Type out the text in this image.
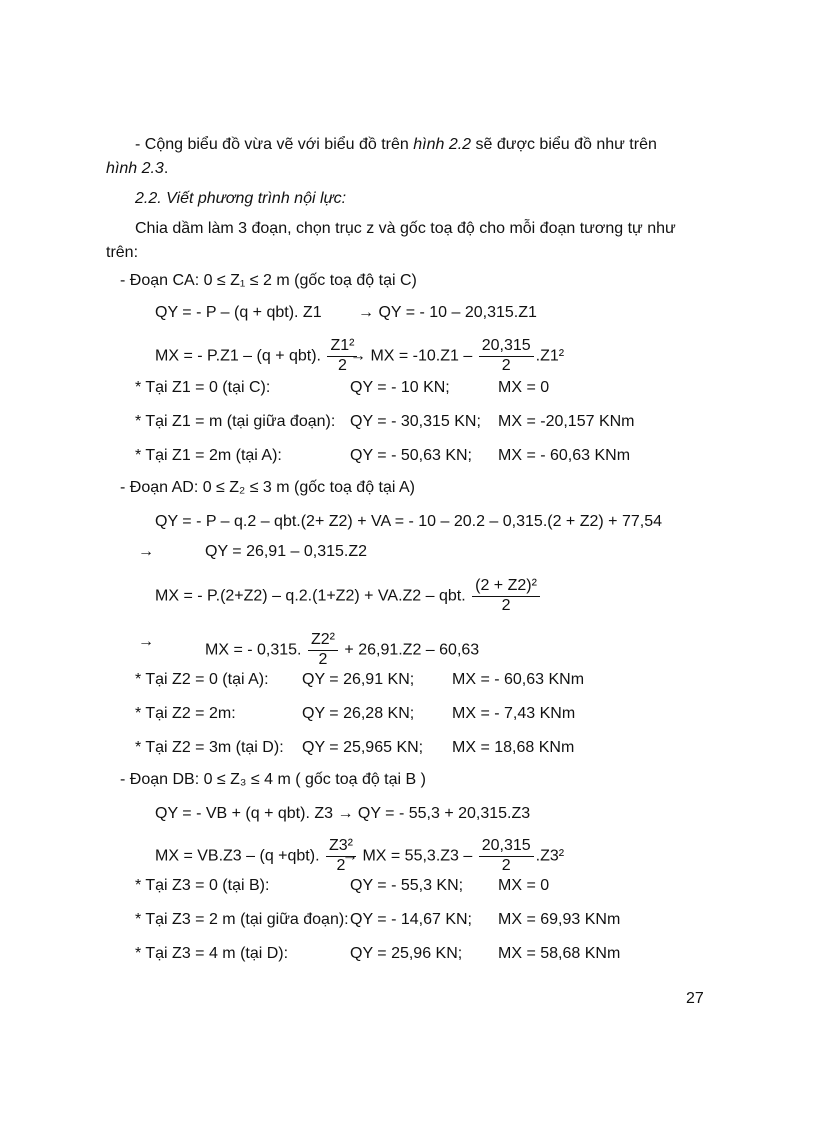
- Cộng biểu đồ vừa vẽ với biểu đồ trên hình 2.2 sẽ được biểu đồ như trên
hình 2.3.
2.2. Viết phương trình nội lực:
Chia dầm làm 3 đoạn, chọn trục z và gốc toạ độ cho mỗi đoạn tương tự như
trên:
- Đoạn CA: 0 ≤ Z₁ ≤ 2 m (gốc toạ độ tại C)
QY = - P – (q + qbt). Z1 → QY = - 10 – 20,315.Z1
MX = - P.Z1 – (q + qbt). $\frac{\text{Z1²}}{2}$
→ MX = $-10.Z1 - \frac{20,315}{2} .Z1^2$
* Tại Z1 = 0 (tại C):	QY = - 10 KN;	MX = 0
* Tại Z1 = m (tại giữa đoạn): QY = - 30,315 KN; MX = -20,157 KNm
* Tại Z1 = 2m (tại A):	QY = - 50,63 KN; MX = - 60,63 KNm
- Đoạn AD: 0 ≤ Z₂ ≤ 3 m (gốc toạ độ tại A)
QY = - P – q.2 – qbt.(2+ Z2) + VA = - 10 – 20.2 – 0,315.(2 + Z2) + 77,54
→	QY = 26,91 – 0,315.Z2
MX = - P.(2+Z2) – q.2.(1+Z2) + VA.Z2 – qbt. $\frac{\text{(2 + Z2)²}}{2}$
→
MX = - 0,315. $\frac{\text{Z2²}}{2} + 26,91.Z2 - 60,63$
* Tại Z2 = 0 (tại A): QY = 26,91 KN; MX = - 60,63 KNm
* Tại Z2 = 2m:	QY = 26,28 KN; MX = - 7,43 KNm
* Tại Z2 = 3m (tại D): QY = 25,965 KN; MX = 18,68 KNm
- Đoạn DB: 0 ≤ Z₃ ≤ 4 m ( gốc toạ độ tại B )
QY = - VB + (q + qbt). Z3 → QY = - 55,3 + 20,315.Z3
MX = VB.Z3 – (q +qbt). $\frac{\text{Z3²}}{2}$
→ MX = $55,3.Z3 - \frac{20,315}{2} .Z3^2$
* Tại Z3 = 0 (tại B):	QY = - 55,3 KN; MX = 0
* Tại Z3 = 2 m (tại giữa đoạn): QY = - 14,67 KN; MX = 69,93 KNm
* Tại Z3 = 4 m (tại D):	QY = 25,96 KN; MX = 58,68 KNm
27
